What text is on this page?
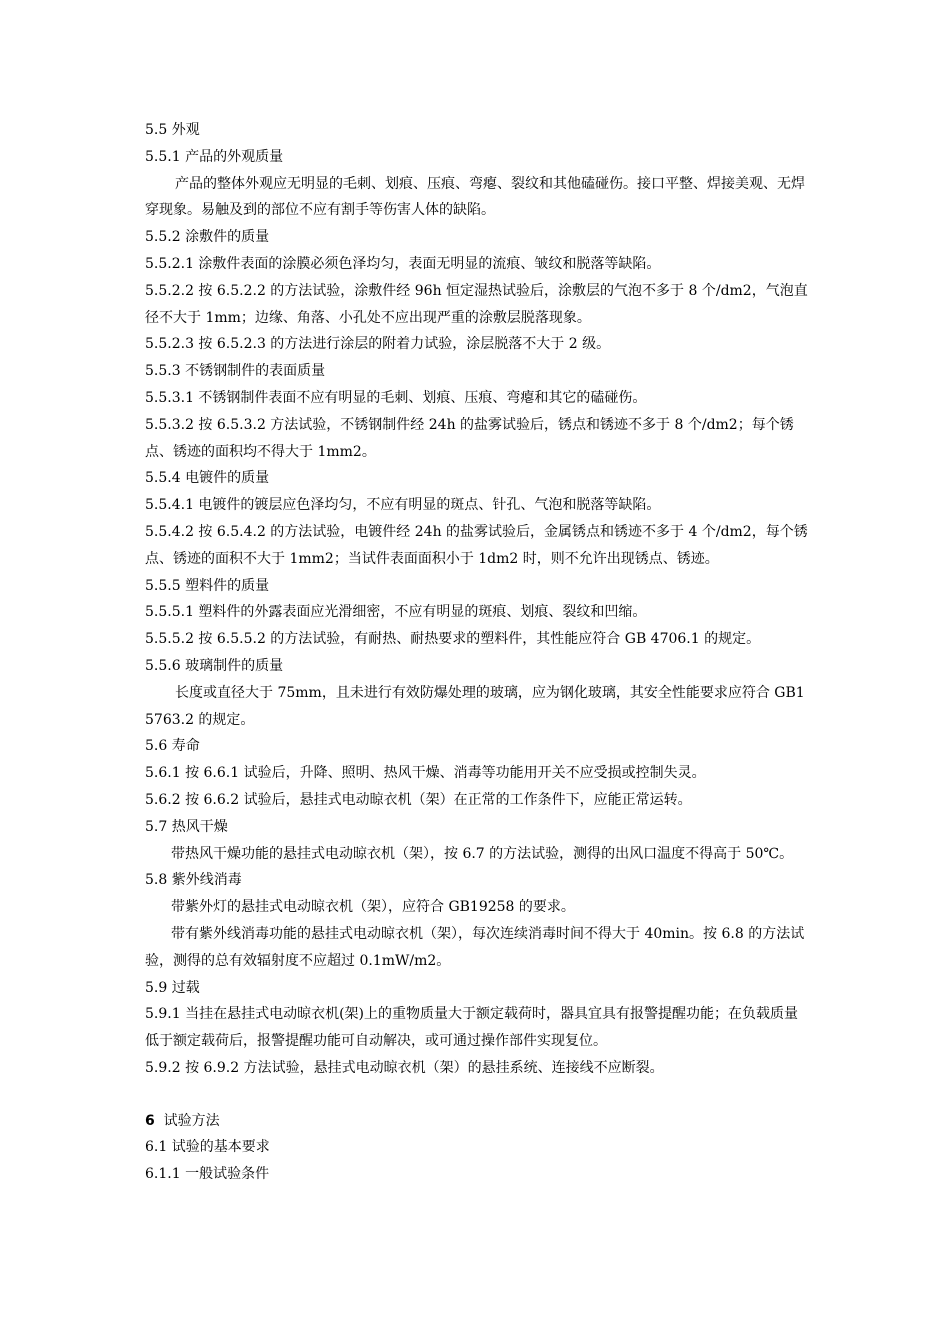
5.5 外观

5.5.1 产品的外观质量

产品的整体外观应无明显的毛刺、划痕、压痕、弯瘪、裂纹和其他磕碰伤。接口平整、焊接美观、无焊穿现象。易触及到的部位不应有割手等伤害人体的缺陷。

5.5.2 涂敷件的质量

5.5.2.1 涂敷件表面的涂膜必须色泽均匀，表面无明显的流痕、皱纹和脱落等缺陷。

5.5.2.2 按 6.5.2.2 的方法试验，涂敷件经 96h 恒定湿热试验后，涂敷层的气泡不多于 8 个/dm2，气泡直径不大于 1mm；边缘、角落、小孔处不应出现严重的涂敷层脱落现象。

5.5.2.3 按 6.5.2.3 的方法进行涂层的附着力试验，涂层脱落不大于 2 级。

5.5.3 不锈钢制件的表面质量

5.5.3.1 不锈钢制件表面不应有明显的毛刺、划痕、压痕、弯瘪和其它的磕碰伤。

5.5.3.2 按 6.5.3.2 方法试验，不锈钢制件经 24h 的盐雾试验后，锈点和锈迹不多于 8 个/dm2；每个锈点、锈迹的面积均不得大于 1mm2。

5.5.4 电镀件的质量

5.5.4.1 电镀件的镀层应色泽均匀，不应有明显的斑点、针孔、气泡和脱落等缺陷。

5.5.4.2 按 6.5.4.2 的方法试验，电镀件经 24h 的盐雾试验后，金属锈点和锈迹不多于 4 个/dm2，每个锈点、锈迹的面积不大于 1mm2；当试件表面面积小于 1dm2 时，则不允许出现锈点、锈迹。

5.5.5 塑料件的质量

5.5.5.1 塑料件的外露表面应光滑细密，不应有明显的斑痕、划痕、裂纹和凹缩。

5.5.5.2 按 6.5.5.2 的方法试验，有耐热、耐热要求的塑料件，其性能应符合 GB 4706.1 的规定。

5.5.6 玻璃制件的质量

长度或直径大于 75mm，且未进行有效防爆处理的玻璃，应为钢化玻璃，其安全性能要求应符合 GB15763.2 的规定。

5.6 寿命

5.6.1 按 6.6.1 试验后，升降、照明、热风干燥、消毒等功能用开关不应受损或控制失灵。

5.6.2 按 6.6.2 试验后，悬挂式电动晾衣机（架）在正常的工作条件下，应能正常运转。

5.7 热风干燥

带热风干燥功能的悬挂式电动晾衣机（架），按 6.7 的方法试验，测得的出风口温度不得高于 50℃。

5.8 紫外线消毒

带紫外灯的悬挂式电动晾衣机（架），应符合 GB19258 的要求。

带有紫外线消毒功能的悬挂式电动晾衣机（架），每次连续消毒时间不得大于 40min。按 6.8 的方法试验，测得的总有效辐射度不应超过 0.1mW/m2。

5.9 过载

5.9.1 当挂在悬挂式电动晾衣机(架)上的重物质量大于额定载荷时，器具宜具有报警提醒功能；在负载质量低于额定载荷后，报警提醒功能可自动解决，或可通过操作部件实现复位。

5.9.2 按 6.9.2 方法试验，悬挂式电动晾衣机（架）的悬挂系统、连接线不应断裂。

6 试验方法

6.1 试验的基本要求

6.1.1 一般试验条件
